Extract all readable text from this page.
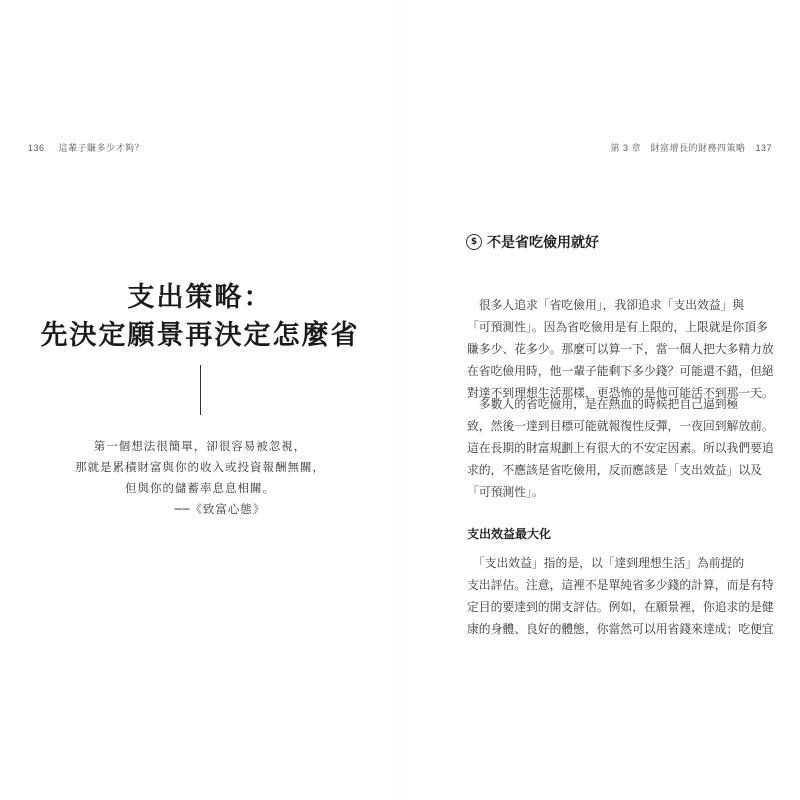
136 這輩子賺多少才夠？
支出策略：
先決定願景再決定怎麼省
第一個想法很簡單，卻很容易被忽視，
那就是累積財富與你的收入或投資報酬無關，
但與你的儲蓄率息息相關。
──《致富心態》
第 3 章　財富增長的財務四策略 137
$ 不是省吃儉用就好
　很多人追求「省吃儉用」，我卻追求「支出效益」與
「可預測性」。因為省吃儉用是有上限的，上限就是你頂多
賺多少、花多少。那麼可以算一下，當一個人把大多精力放
在省吃儉用時，他一輩子能剩下多少錢？可能還不錯，但絕
對達不到理想生活那樣，更恐怖的是他可能活不到那一天。
　多數人的省吃儉用，是在熱血的時候把自己逼到極
致，然後一達到目標可能就報復性反彈，一夜回到解放前。
這在長期的財富規劃上有很大的不安定因素。所以我們要追
求的，不應該是省吃儉用，反而應該是「支出效益」以及
「可預測性」。
支出效益最大化
　「支出效益」指的是，以「達到理想生活」為前提的
支出評估。注意，這裡不是單純省多少錢的計算，而是有特
定目的要達到的開支評估。例如，在願景裡，你追求的是健
康的身體、良好的體態，你當然可以用省錢來達成；吃便宜
